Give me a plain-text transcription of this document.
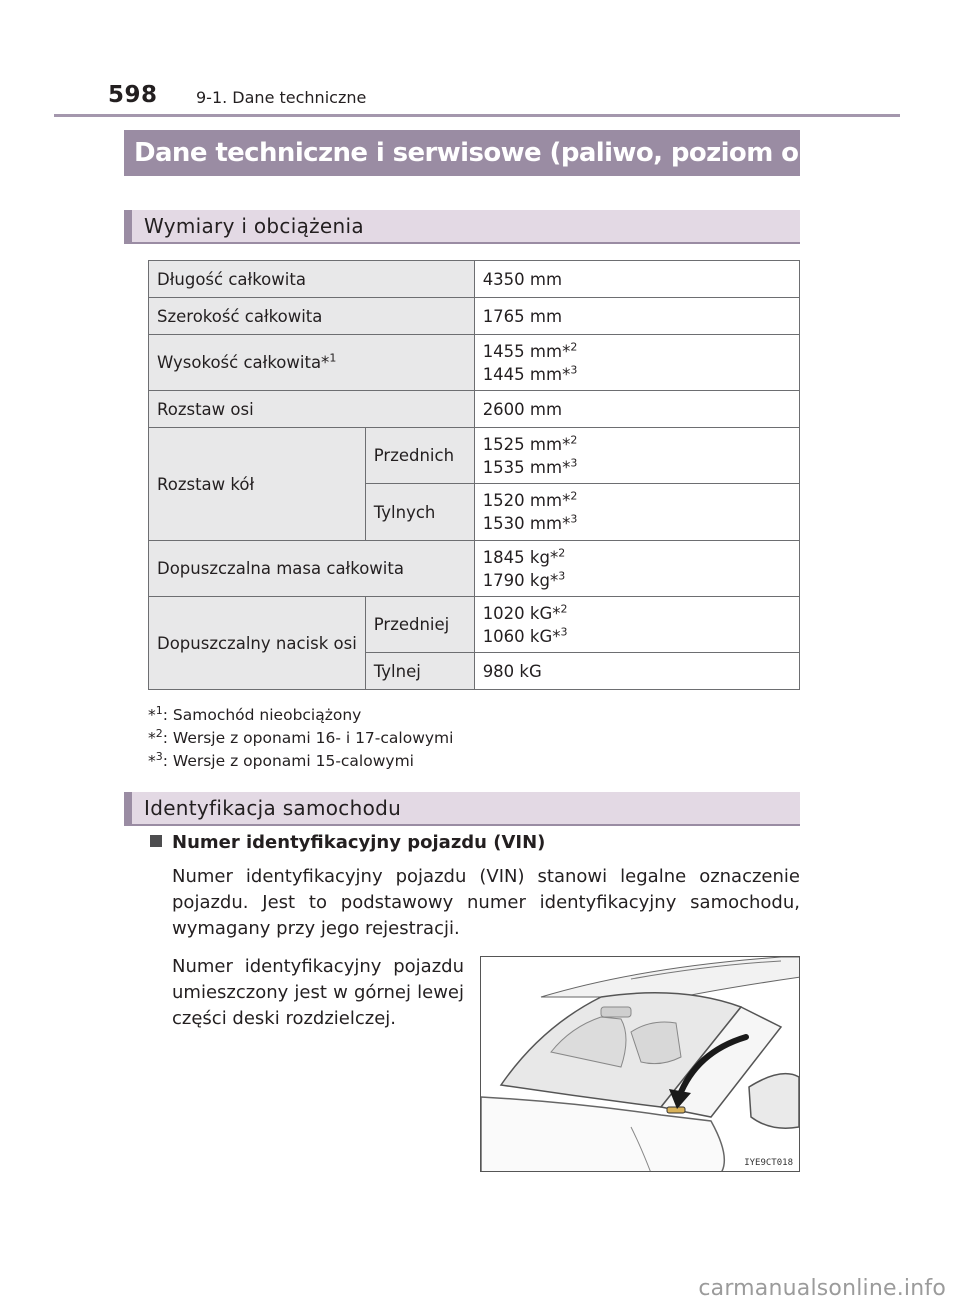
598 9-1. Dane techniczne
Dane techniczne i serwisowe (paliwo, poziom oleju itp.)
Wymiary i obciążenia
Długość całkowita		4350 mm
Szerokość całkowita		1765 mm
Wysokość całkowita*$^1$		1455 mm*$^2$
1445 mm*$^3$

Rozstaw osi		2600 mm
Rozstaw kół	Przednich	1525 mm*$^2$
1535 mm*$^3$

	Tylnych	1520 mm*$^2$
1530 mm*$^3$

Dopuszczalna masa całkowita		1845 kg*$^2$
1790 kg*$^3$

Dopuszczalny nacisk osi	Przedniej	1020 kG*$^2$
1060 kG*$^3$

	Tylnej	980 kG
*$^1$: Samochód nieobciążony
*$^2$: Wersje z oponami 16- i 17-calowymi
*$^3$: Wersje z oponami 15-calowymi
Identyfikacja samochodu
Numer identyfikacyjny pojazdu (VIN)
Numer identyfikacyjny pojazdu (VIN) stanowi legalne oznaczenie pojazdu. Jest to podstawowy numer identyfikacyjny samochodu, wymagany przy jego rejestracji.
Numer identyfikacyjny pojazdu umieszczony jest w górnej lewej części deski rozdzielczej.
IYE9CT018
carmanualsonline.info
